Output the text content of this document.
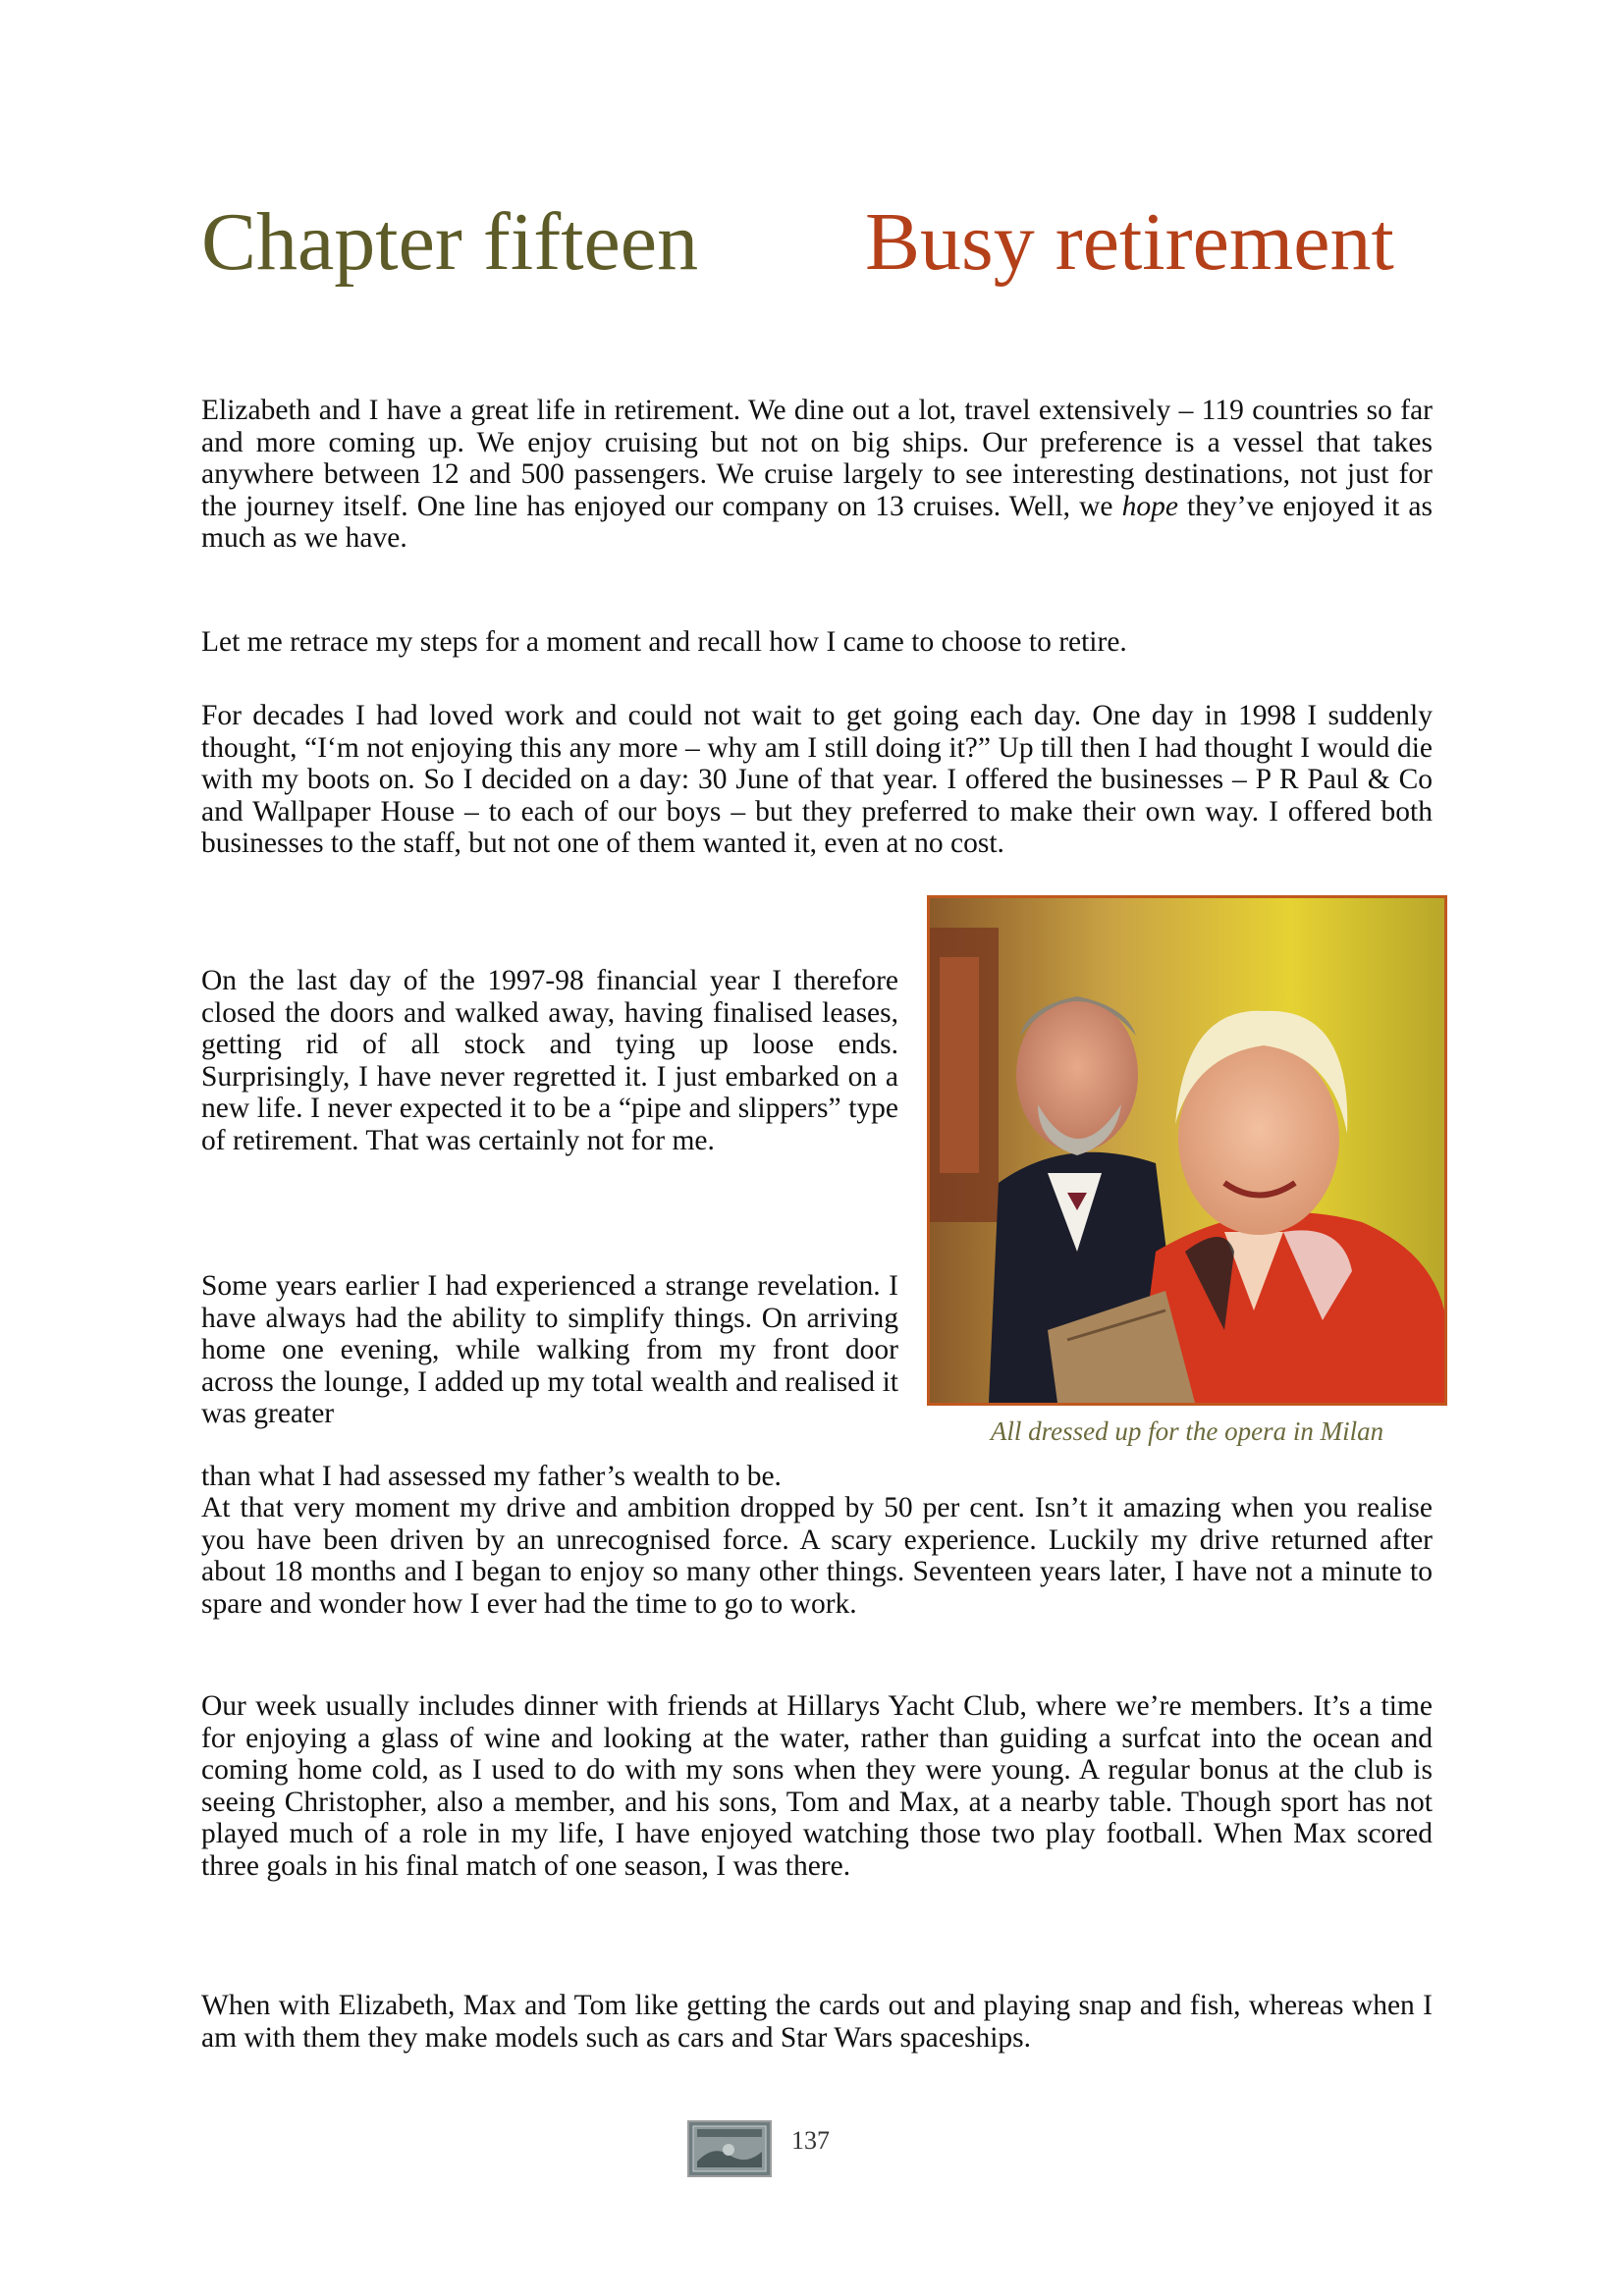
Chapter fifteen Busy retirement

Elizabeth and I have a great life in retirement. We dine out a lot, travel extensively – 119 countries so far and more coming up. We enjoy cruising but not on big ships. Our preference is a vessel that takes anywhere between 12 and 500 passengers. We cruise largely to see interesting destinations, not just for the journey itself. One line has enjoyed our company on 13 cruises. Well, we hope they’ve enjoyed it as much as we have.

Let me retrace my steps for a moment and recall how I came to choose to retire.

For decades I had loved work and could not wait to get going each day. One day in 1998 I suddenly thought, “I‘m not enjoying this any more – why am I still doing it?” Up till then I had thought I would die with my boots on. So I decided on a day: 30 June of that year. I offered the businesses – P R Paul & Co and Wallpaper House – to each of our boys – but they preferred to make their own way. I offered both businesses to the staff, but not one of them wanted it, even at no cost.

On the last day of the 1997-98 financial year I therefore closed the doors and walked away, having finalised leases, getting rid of all stock and tying up loose ends. Surprisingly, I have never regretted it. I just embarked on a new life. I never expected it to be a “pipe and slippers” type of retirement. That was certainly not for me.

Some years earlier I had experienced a strange revelation. I have always had the ability to simplify things. On arriving home one evening, while walking from my front door across the lounge, I added up my total wealth and realised it was greater

than what I had assessed my father’s wealth to be.

At that very moment my drive and ambition dropped by 50 per cent. Isn’t it amazing when you realise you have been driven by an unrecognised force. A scary experience. Luckily my drive returned after about 18 months and I began to enjoy so many other things. Seventeen years later, I have not a minute to spare and wonder how I ever had the time to go to work.

Our week usually includes dinner with friends at Hillarys Yacht Club, where we’re members. It’s a time for enjoying a glass of wine and looking at the water, rather than guiding a surfcat into the ocean and coming home cold, as I used to do with my sons when they were young. A regular bonus at the club is seeing Christopher, also a member, and his sons, Tom and Max, at a nearby table. Though sport has not played much of a role in my life, I have enjoyed watching those two play football. When Max scored three goals in his final match of one season, I was there.

When with Elizabeth, Max and Tom like getting the cards out and playing snap and fish, whereas when I am with them they make models such as cars and Star Wars spaceships.

All dressed up for the opera in Milan
137
